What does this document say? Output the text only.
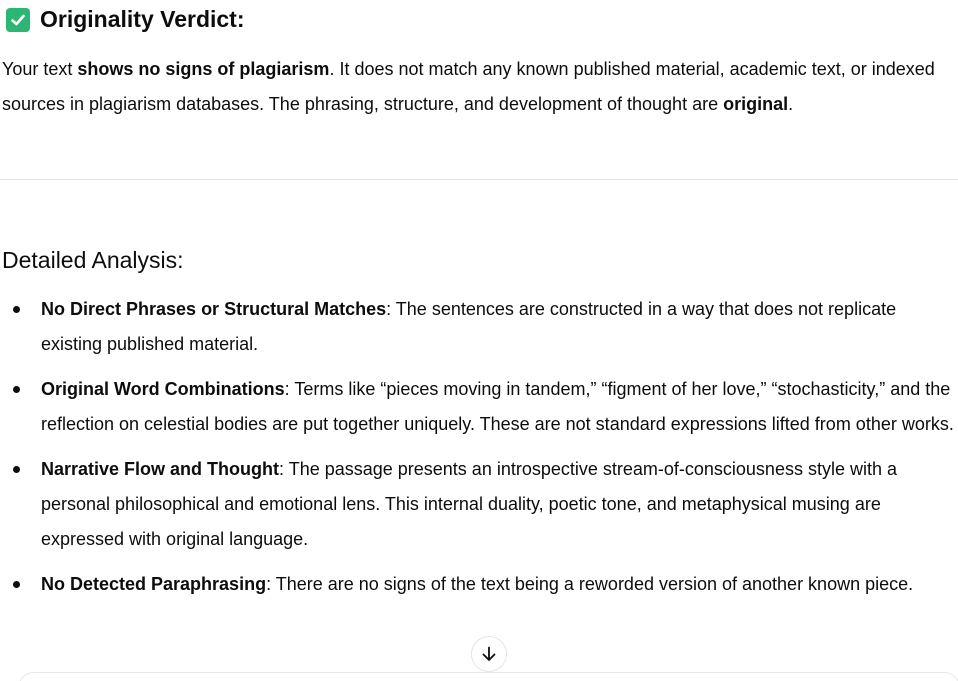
Originality Verdict:
Your text shows no signs of plagiarism. It does not match any known published material, academic text, or indexed sources in plagiarism databases. The phrasing, structure, and development of thought are original.
Detailed Analysis:
No Direct Phrases or Structural Matches: The sentences are constructed in a way that does not replicate existing published material.
Original Word Combinations: Terms like “pieces moving in tandem,” “figment of her love,” “stochasticity,” and the reflection on celestial bodies are put together uniquely. These are not standard expressions lifted from other works.
Narrative Flow and Thought: The passage presents an introspective stream-of-consciousness style with a personal philosophical and emotional lens. This internal duality, poetic tone, and metaphysical musing are expressed with original language.
No Detected Paraphrasing: There are no signs of the text being a reworded version of another known piece.
